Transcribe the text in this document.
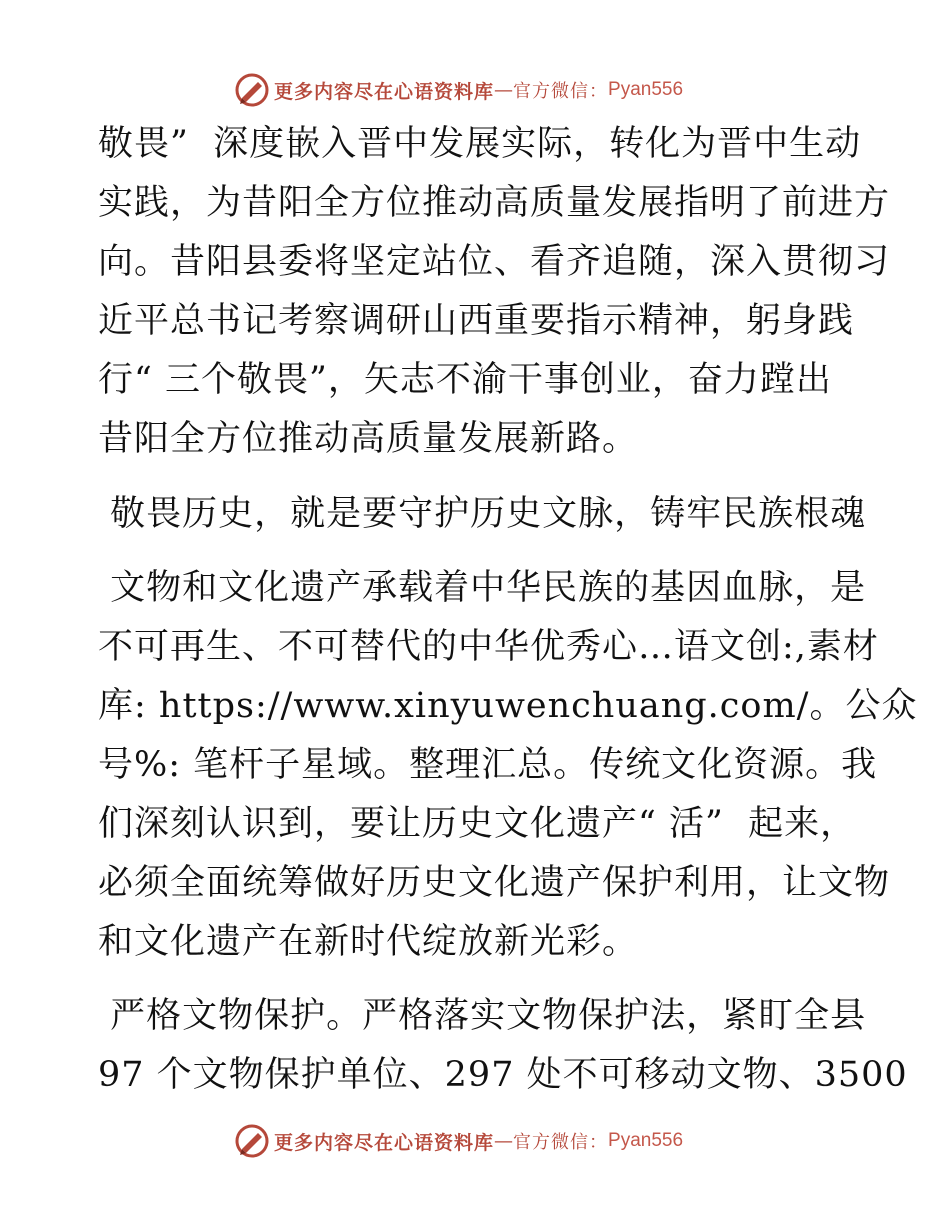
更多内容尽在心语资料库 — 官方微信： Pyan556
敬畏”  深度嵌入晋中发展实际，转化为晋中生动
实践，为昔阳全方位推动高质量发展指明了前进方
向。昔阳县委将坚定站位、看齐追随，深入贯彻习
近平总书记考察调研山西重要指示精神，躬身践
行“ 三个敬畏”，矢志不渝干事创业，奋力蹚出
昔阳全方位推动高质量发展新路。
敬畏历史，就是要守护历史文脉，铸牢民族根魂
文物和文化遗产承载着中华民族的基因血脉，是
不可再生、不可替代的中华优秀心…语文创:,素材
库: https://www.xinyuwenchuang.com/。公众
号%: 笔杆子星域。整理汇总。传统文化资源。我
们深刻认识到，要让历史文化遗产“ 活”  起来，
必须全面统筹做好历史文化遗产保护利用，让文物
和文化遗产在新时代绽放新光彩。
严格文物保护。严格落实文物保护法，紧盯全县
97 个文物保护单位、297 处不可移动文物、3500
更多内容尽在心语资料库 — 官方微信： Pyan556
